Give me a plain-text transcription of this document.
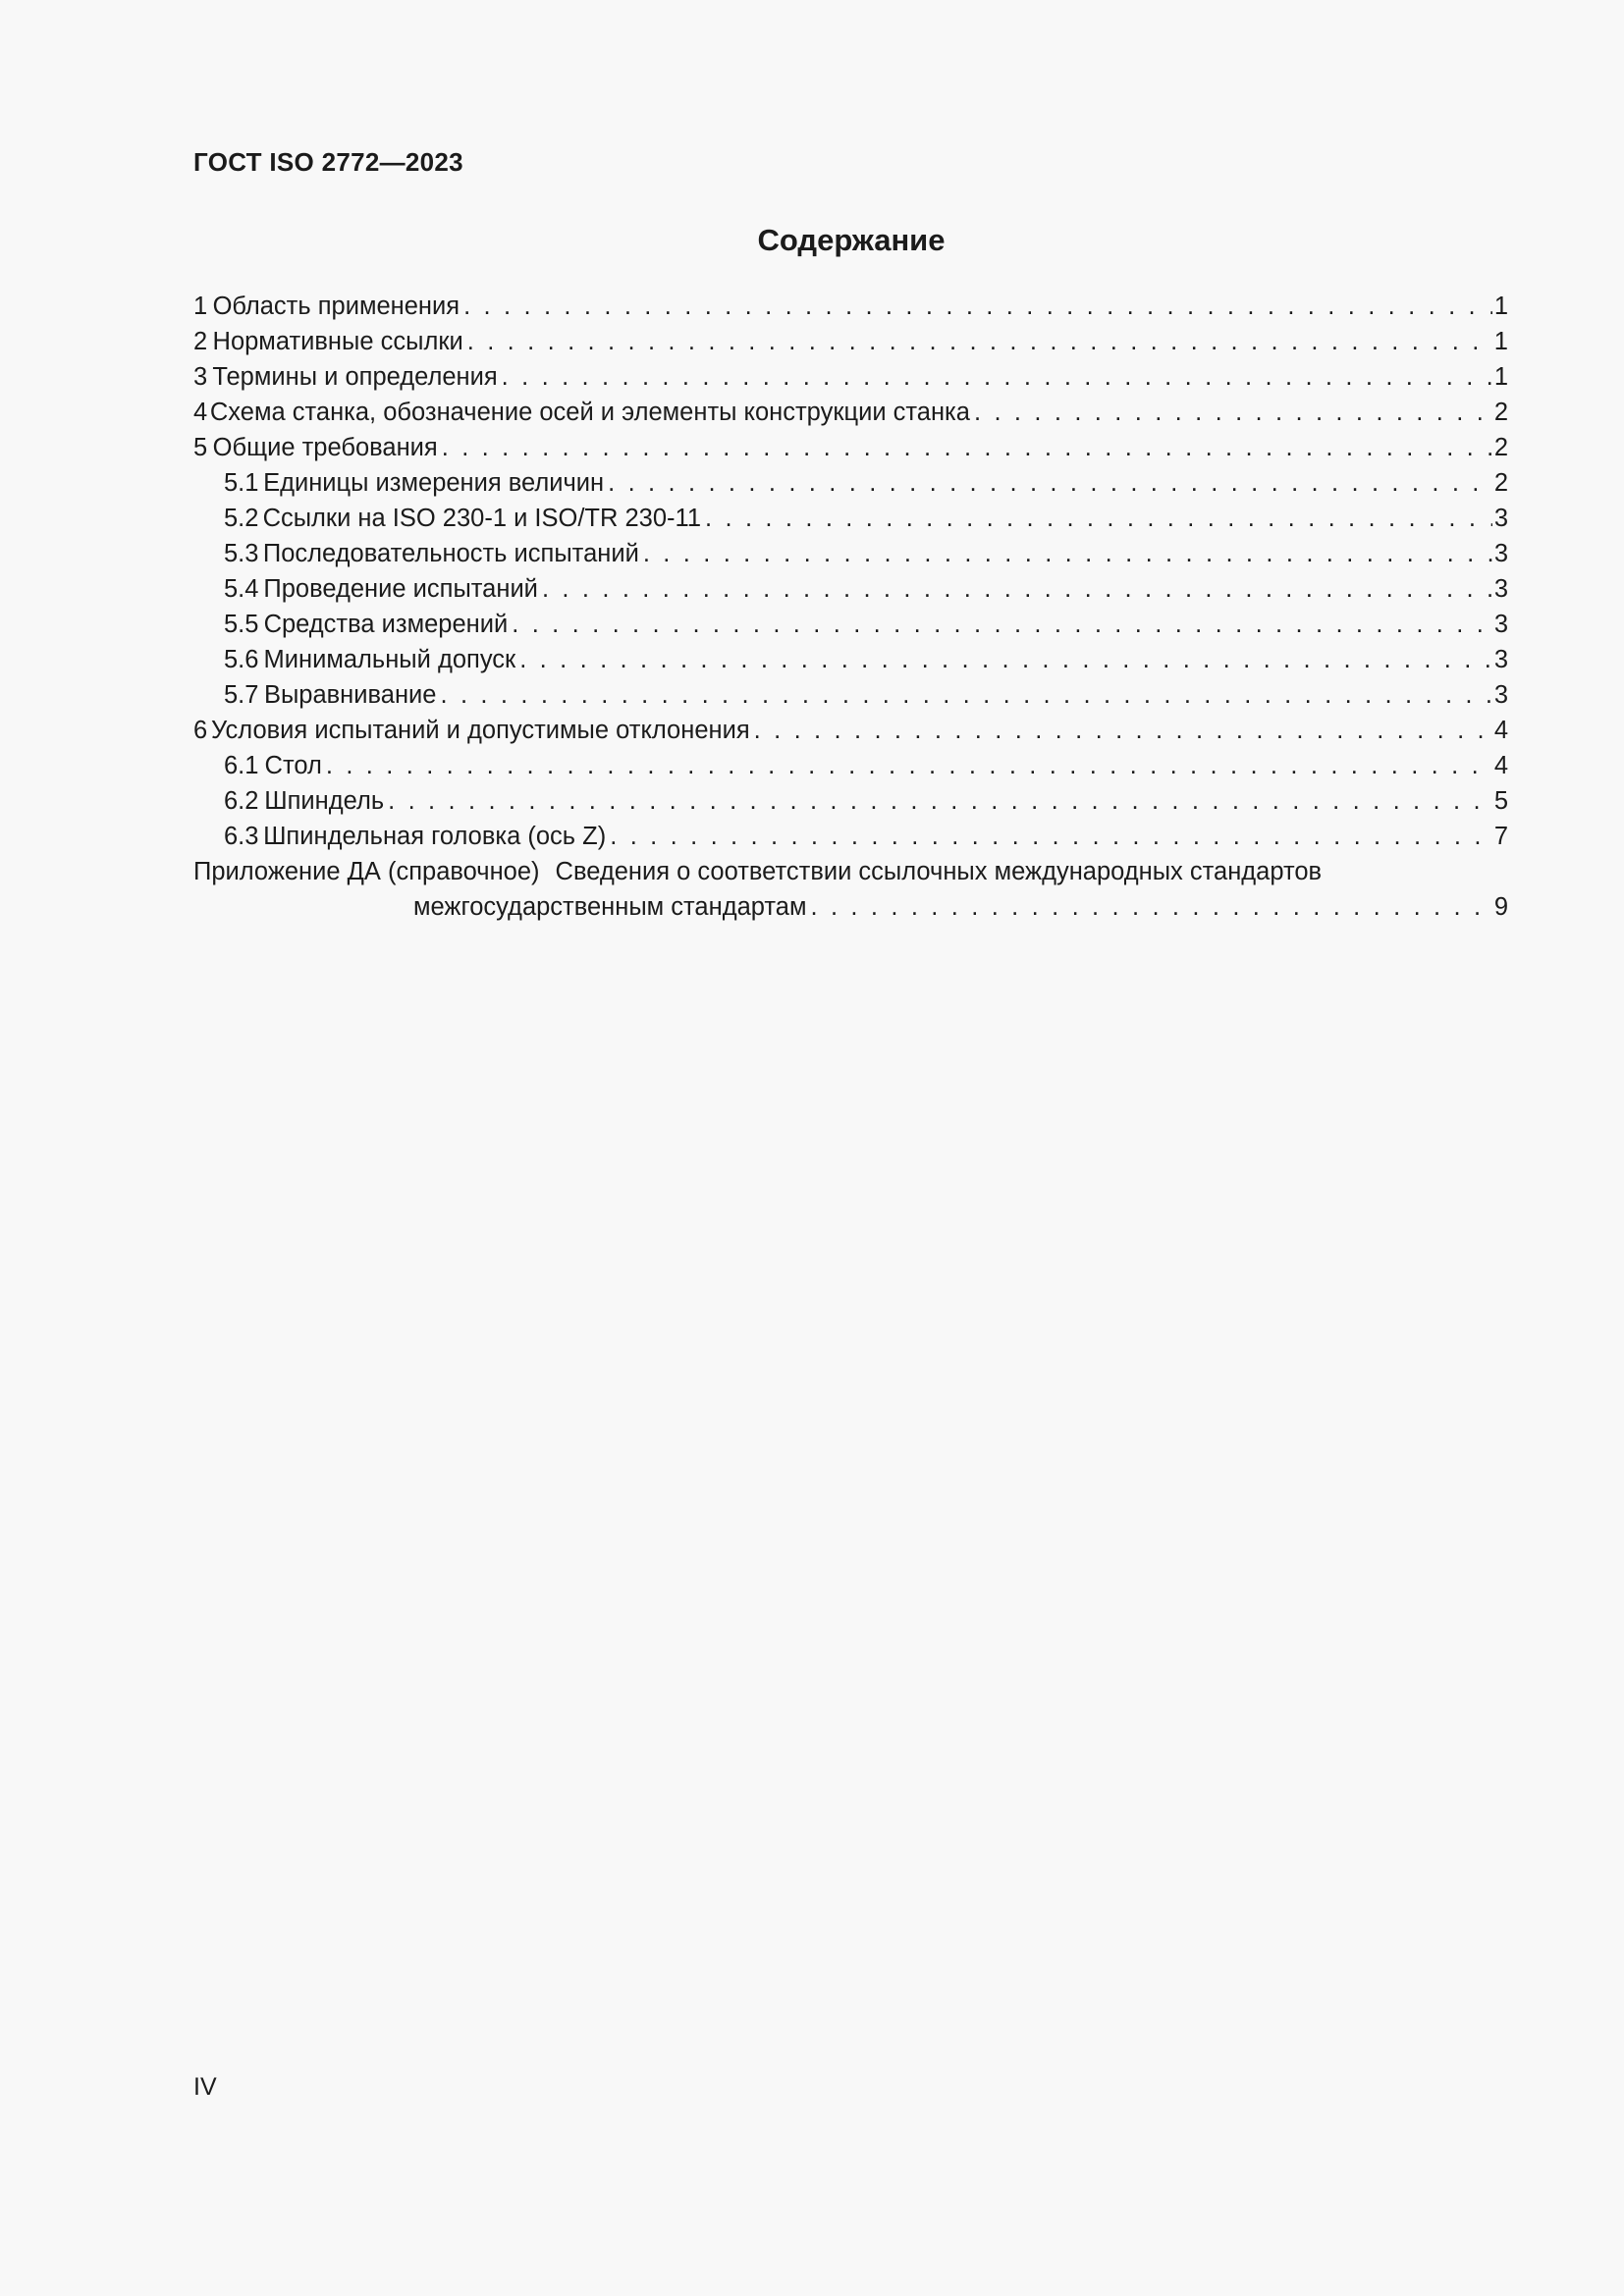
ГОСТ ISO 2772—2023
Содержание
1 Область применения . . .	1
2 Нормативные ссылки . . .	1
3 Термины и определения . . .	1
4 Схема станка, обозначение осей и элементы конструкции станка . . .	2
5 Общие требования . . .	2
5.1 Единицы измерения величин . . .	2
5.2 Ссылки на ISO 230-1 и ISO/TR 230-11 . . .	3
5.3 Последовательность испытаний . . .	3
5.4 Проведение испытаний . . .	3
5.5 Средства измерений . . .	3
5.6 Минимальный допуск . . .	3
5.7 Выравнивание . . .	3
6 Условия испытаний и допустимые отклонения . . .	4
6.1 Стол . . .	4
6.2 Шпиндель . . .	5
6.3 Шпиндельная головка (ось Z) . . .	7
Приложение ДА (справочное) Сведения о соответствии ссылочных международных стандартов
межгосударственным стандартам . . .	9
IV
